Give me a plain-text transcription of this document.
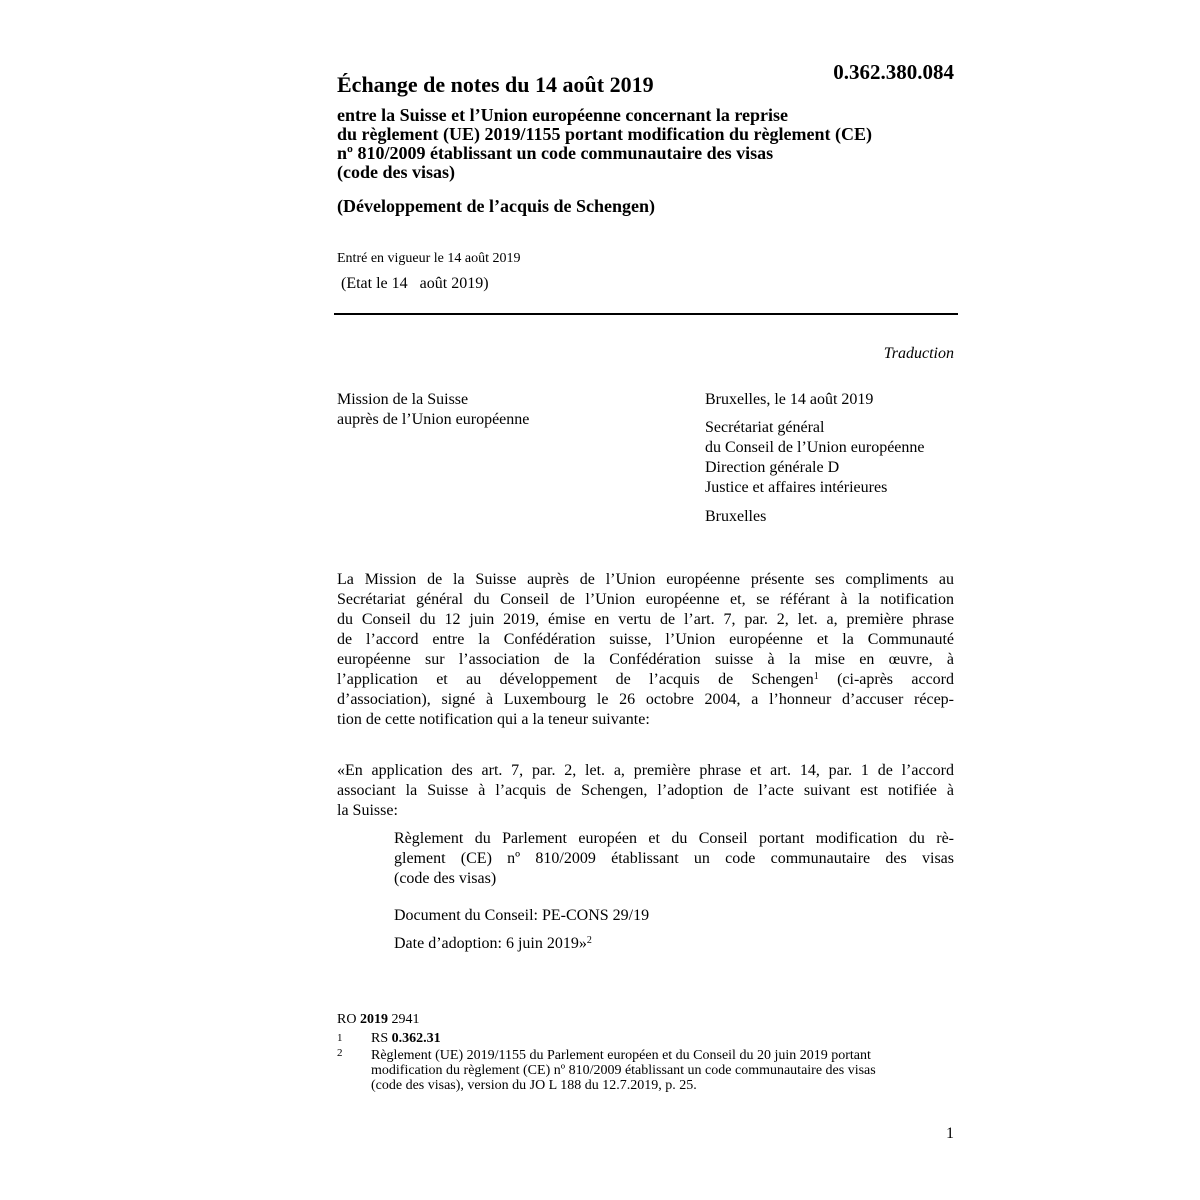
0.362.380.084
Échange de notes du 14 août 2019
entre la Suisse et l’Union européenne concernant la reprise
du règlement (UE) 2019/1155 portant modification du règlement (CE)
nº 810/2009 établissant un code communautaire des visas
(code des visas)
(Développement de l’acquis de Schengen)
Entré en vigueur le 14 août 2019
(Etat le 14   août 2019)
Traduction
Mission de la Suisse
auprès de l’Union européenne
Bruxelles, le 14 août 2019
Secrétariat général
du Conseil de l’Union européenne
Direction générale D
Justice et affaires intérieures
Bruxelles
La Mission de la Suisse auprès de l’Union européenne présente ses compliments au
Secrétariat général du Conseil de l’Union européenne et, se référant à la notification
du Conseil du 12 juin 2019, émise en vertu de l’art. 7, par. 2, let. a, première phrase
de l’accord entre la Confédération suisse, l’Union européenne et la Communauté
européenne sur l’association de la Confédération suisse à la mise en œuvre, à
l’application et au développement de l’acquis de Schengen$^1$ (ci-après accord
d’association), signé à Luxembourg le 26 octobre 2004, a l’honneur d’accuser récep-
tion de cette notification qui a la teneur suivante:
«En application des art. 7, par. 2, let. a, première phrase et art. 14, par. 1 de l’accord
associant la Suisse à l’acquis de Schengen, l’adoption de l’acte suivant est notifiée à
la Suisse:
Règlement du Parlement européen et du Conseil portant modification du rè-
glement (CE) nº 810/2009 établissant un code communautaire des visas
(code des visas)
Document du Conseil: PE-CONS 29/19
Date d’adoption: 6 juin 2019»$^2$
RO 2019 2941
1 RS 0.362.31
2 Règlement (UE) 2019/1155 du Parlement européen et du Conseil du 20 juin 2019 portant
modification du règlement (CE) nº 810/2009 établissant un code communautaire des visas
(code des visas), version du JO L 188 du 12.7.2019, p. 25.
1
